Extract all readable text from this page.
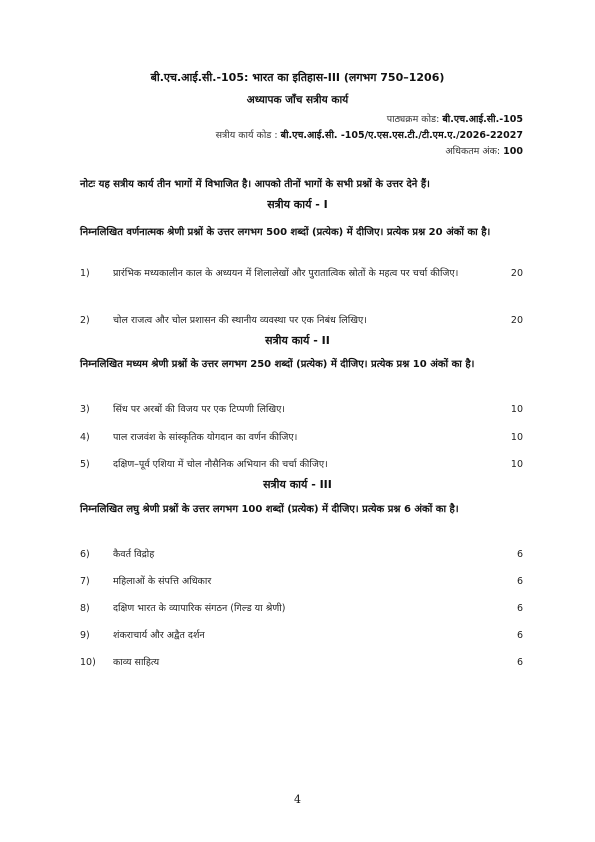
बी.एच.आई.सी.-105: भारत का इतिहास-III (लगभग 750–1206)
अध्यापक जाँच सत्रीय कार्य
पाठ्यक्रम कोड: बी.एच.आई.सी.-105
सत्रीय कार्य कोड : बी.एच.आई.सी. -105/ए.एस.एस.टी./टी.एम.ए./2026-22027
अधिकतम अंक: 100
नोटः यह सत्रीय कार्य तीन भागों में विभाजित है। आपको तीनों भागों के सभी प्रश्नों के उत्तर देने हैं।
सत्रीय कार्य - I
निम्नलिखित वर्णनात्मक श्रेणी प्रश्नों के उत्तर लगभग 500 शब्दों (प्रत्येक) में दीजिए। प्रत्येक प्रश्न 20 अंकों का है।
1) प्रारंभिक मध्यकालीन काल के अध्ययन में शिलालेखों और पुरातात्विक स्रोतों के महत्व पर चर्चा कीजिए।	20
2) चोल राजत्व और चोल प्रशासन की स्थानीय व्यवस्था पर एक निबंध लिखिए।	20
सत्रीय कार्य - II
निम्नलिखित मध्यम श्रेणी प्रश्नों के उत्तर लगभग 250 शब्दों (प्रत्येक) में दीजिए। प्रत्येक प्रश्न 10 अंकों का है।
3) सिंध पर अरबों की विजय पर एक टिप्पणी लिखिए।	10
4) पाल राजवंश के सांस्कृतिक योगदान का वर्णन कीजिए।	10
5) दक्षिण–पूर्व एशिया में चोल नौसैनिक अभियान की चर्चा कीजिए।	10
सत्रीय कार्य - III
निम्नलिखित लघु श्रेणी प्रश्नों के उत्तर लगभग 100 शब्दों (प्रत्येक) में दीजिए। प्रत्येक प्रश्न 6 अंकों का है।
6) कैवर्त विद्रोह	6
7) महिलाओं के संपत्ति अधिकार	6
8) दक्षिण भारत के व्यापारिक संगठन (गिल्ड या श्रेणी)	6
9) शंकराचार्य और अद्वैत दर्शन	6
10) काव्य साहित्य	6
4
